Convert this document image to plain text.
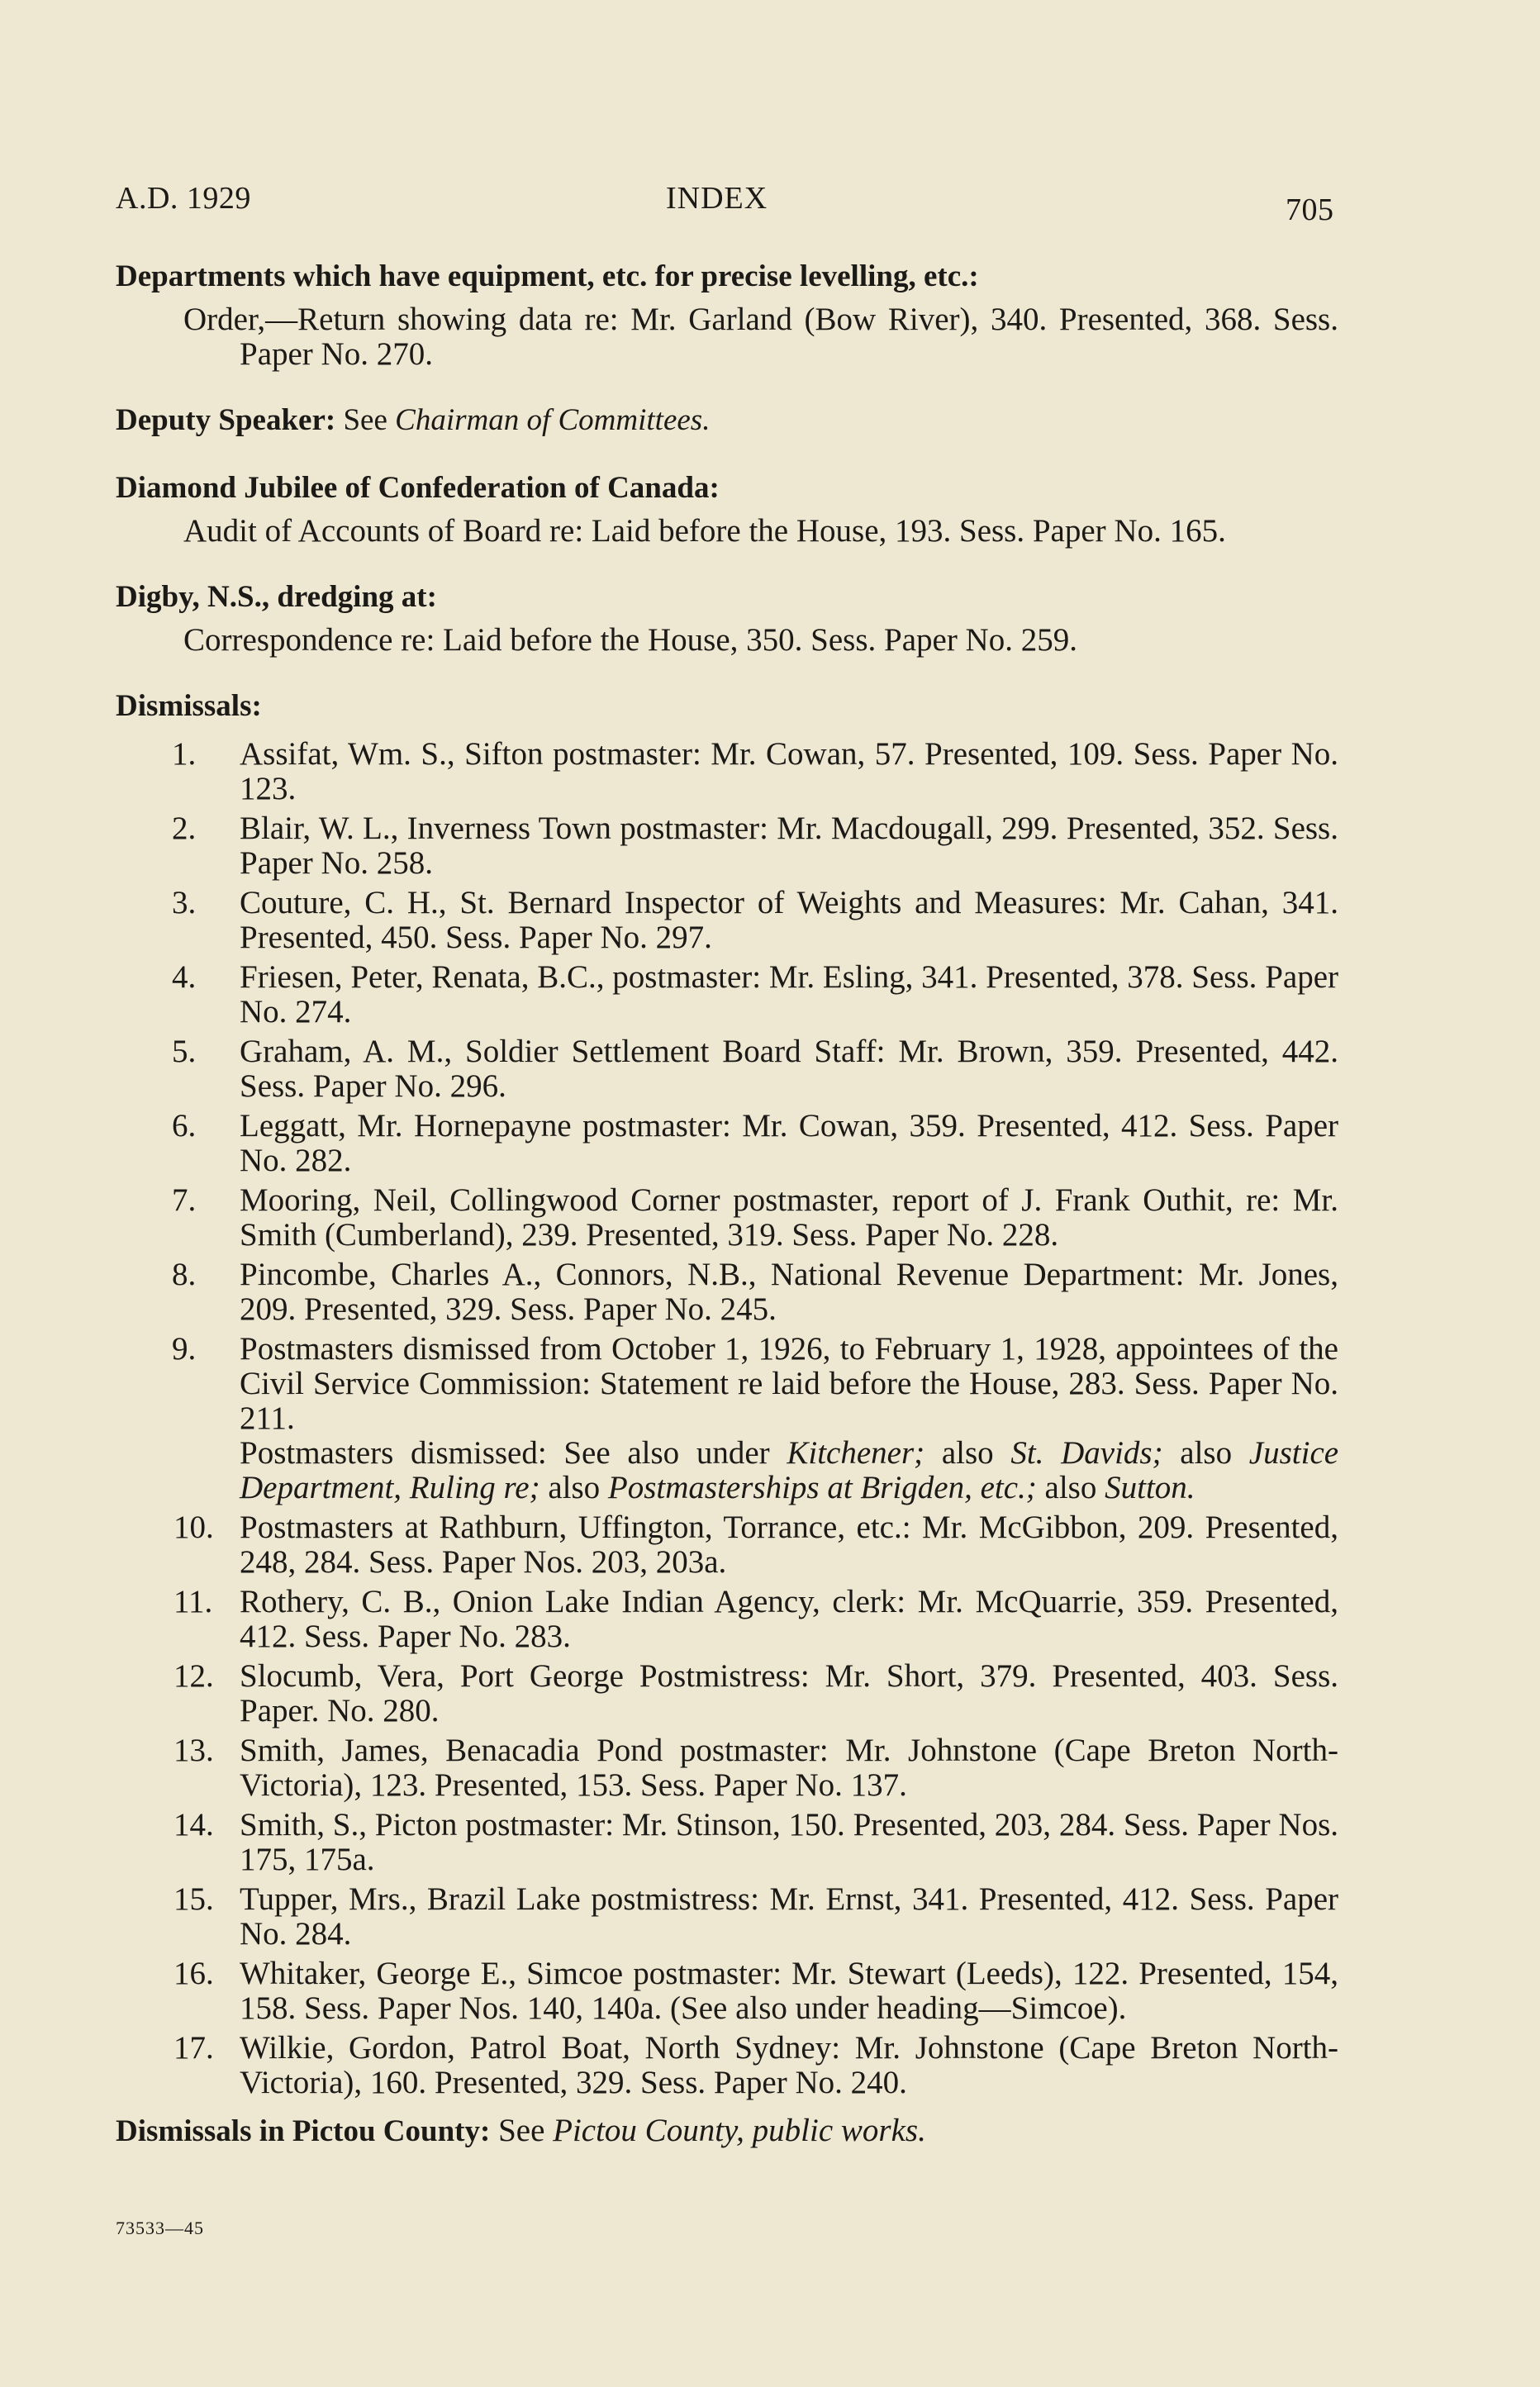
A.D. 1929	INDEX	705

Departments which have equipment, etc. for precise levelling, etc.:

Order,—Return showing data re: Mr. Garland (Bow River), 340. Presented, 368. Sess. Paper No. 270.

Deputy Speaker: See Chairman of Committees.

Diamond Jubilee of Confederation of Canada:

Audit of Accounts of Board re: Laid before the House, 193. Sess. Paper No. 165.

Digby, N.S., dredging at:

Correspondence re: Laid before the House, 350. Sess. Paper No. 259.

Dismissals:

1.	Assifat, Wm. S., Sifton postmaster: Mr. Cowan, 57. Presented, 109. Sess. Paper No. 123.
2.	Blair, W. L., Inverness Town postmaster: Mr. Macdougall, 299. Presented, 352. Sess. Paper No. 258.
3.	Couture, C. H., St. Bernard Inspector of Weights and Measures: Mr. Cahan, 341. Presented, 450. Sess. Paper No. 297.
4.	Friesen, Peter, Renata, B.C., postmaster: Mr. Esling, 341. Presented, 378. Sess. Paper No. 274.
5.	Graham, A. M., Soldier Settlement Board Staff: Mr. Brown, 359. Presented, 442. Sess. Paper No. 296.
6.	Leggatt, Mr. Hornepayne postmaster: Mr. Cowan, 359. Presented, 412. Sess. Paper No. 282.
7.	Mooring, Neil, Collingwood Corner postmaster, report of J. Frank Outhit, re: Mr. Smith (Cumberland), 239. Presented, 319. Sess. Paper No. 228.
8.	Pincombe, Charles A., Connors, N.B., National Revenue Department: Mr. Jones, 209. Presented, 329. Sess. Paper No. 245.
9.	Postmasters dismissed from October 1, 1926, to February 1, 1928, appointees of the Civil Service Commission: Statement re laid before the House, 283. Sess. Paper No. 211.
Postmasters dismissed: See also under Kitchener; also St. Davids; also Justice Department, Ruling re; also Postmasterships at Brigden, etc.; also Sutton.
10. Postmasters at Rathburn, Uffington, Torrance, etc.: Mr. McGibbon, 209. Presented, 248, 284. Sess. Paper Nos. 203, 203a.
11. Rothery, C. B., Onion Lake Indian Agency, clerk: Mr. McQuarrie, 359. Presented, 412. Sess. Paper No. 283.
12. Slocumb, Vera, Port George Postmistress: Mr. Short, 379. Presented, 403. Sess. Paper. No. 280.
13. Smith, James, Benacadia Pond postmaster: Mr. Johnstone (Cape Breton North-Victoria), 123. Presented, 153. Sess. Paper No. 137.
14. Smith, S., Picton postmaster: Mr. Stinson, 150. Presented, 203, 284. Sess. Paper Nos. 175, 175a.
15. Tupper, Mrs., Brazil Lake postmistress: Mr. Ernst, 341. Presented, 412. Sess. Paper No. 284.
16. Whitaker, George E., Simcoe postmaster: Mr. Stewart (Leeds), 122. Presented, 154, 158. Sess. Paper Nos. 140, 140a. (See also under heading—Simcoe).
17. Wilkie, Gordon, Patrol Boat, North Sydney: Mr. Johnstone (Cape Breton North-Victoria), 160. Presented, 329. Sess. Paper No. 240.
Dismissals in Pictou County: See Pictou County, public works.
73533—45
